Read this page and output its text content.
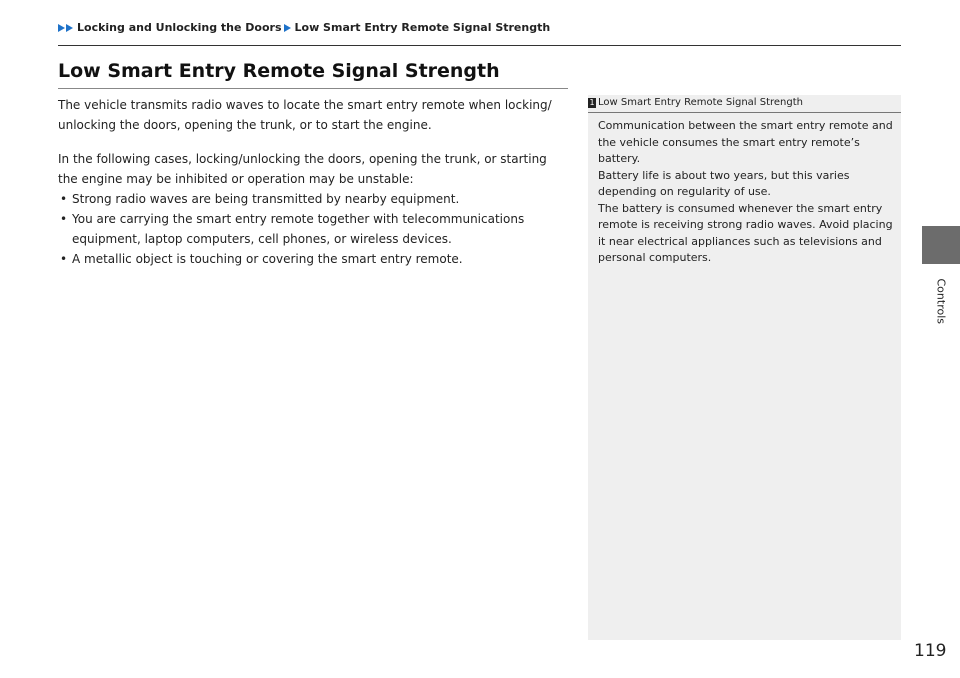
Locking and Unlocking the Doors Low Smart Entry Remote Signal Strength
Low Smart Entry Remote Signal Strength

The vehicle transmits radio waves to locate the smart entry remote when locking/ unlocking the doors, opening the trunk, or to start the engine.

In the following cases, locking/unlocking the doors, opening the trunk, or starting the engine may be inhibited or operation may be unstable:

• Strong radio waves are being transmitted by nearby equipment.
• You are carrying the smart entry remote together with telecommunications equipment, laptop computers, cell phones, or wireless devices.
• A metallic object is touching or covering the smart entry remote.
1 Low Smart Entry Remote Signal Strength

Communication between the smart entry remote and the vehicle consumes the smart entry remote’s battery.

Battery life is about two years, but this varies depending on regularity of use.

The battery is consumed whenever the smart entry remote is receiving strong radio waves. Avoid placing it near electrical appliances such as televisions and personal computers.

Controls
119
